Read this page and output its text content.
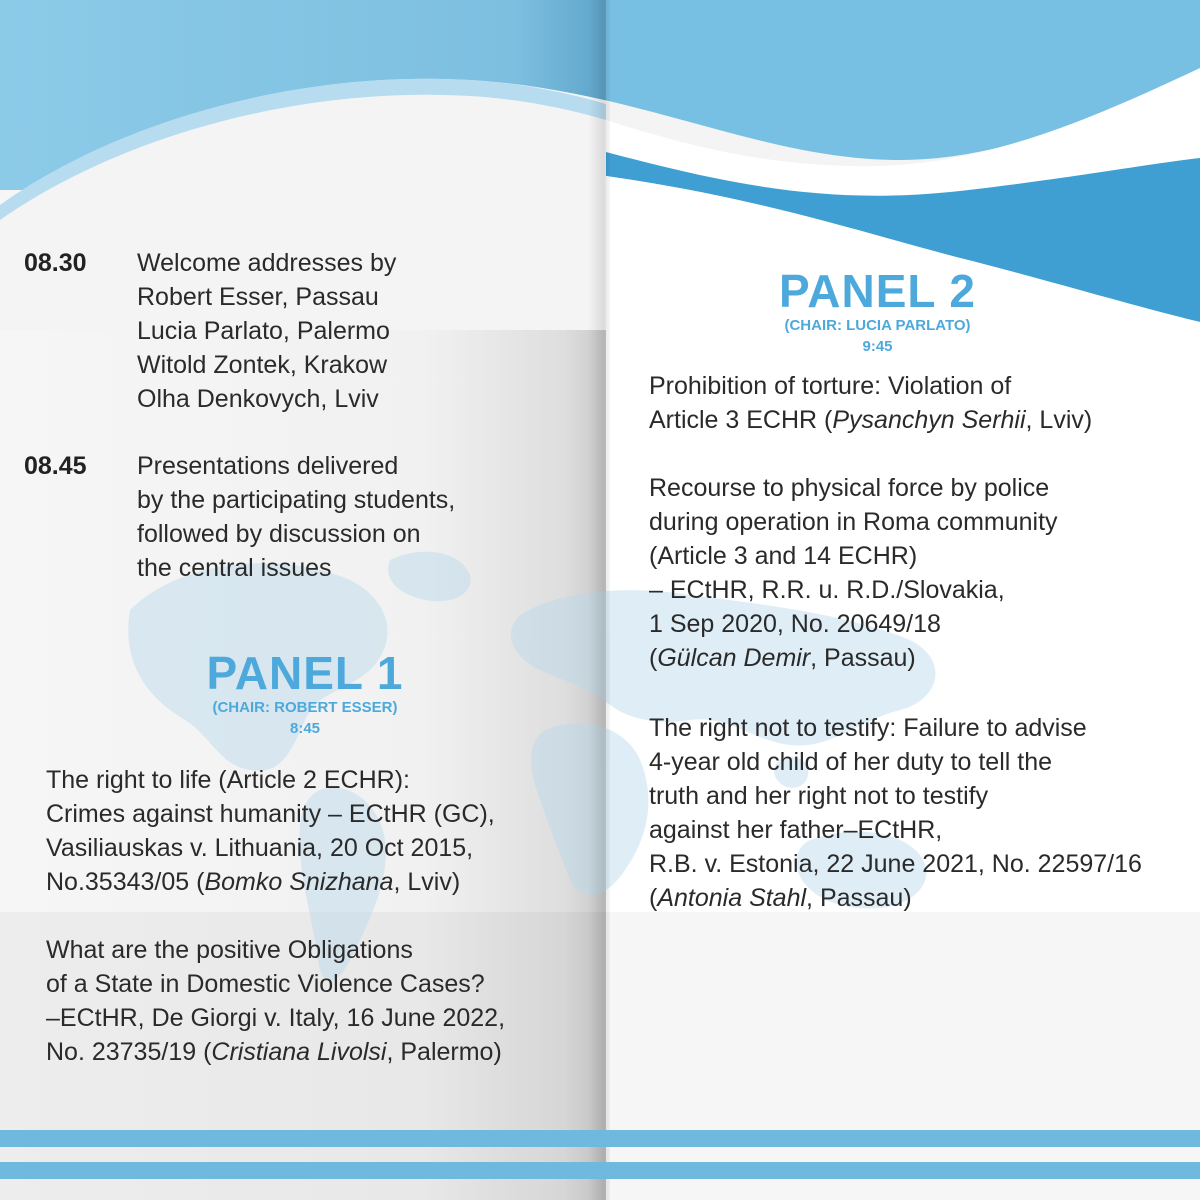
08.30	Welcome addresses by
Robert Esser, Passau
Lucia Parlato, Palermo
Witold Zontek, Krakow
Olha Denkovych, Lviv
08.45	Presentations delivered
by the participating students,
followed by discussion on
the central issues
PANEL 1
(CHAIR: ROBERT ESSER)
8:45
The right to life (Article 2 ECHR):
Crimes against humanity – ECtHR (GC),
Vasiliauskas v. Lithuania, 20 Oct 2015,
No.35343/05 (Bomko Snizhana, Lviv)
What are the positive Obligations
of a State in Domestic Violence Cases?
–ECtHR, De Giorgi v. Italy, 16 June 2022,
No. 23735/19 (Cristiana Livolsi, Palermo)
PANEL 2
(CHAIR: LUCIA PARLATO)
9:45
Prohibition of torture: Violation of
Article 3 ECHR (Pysanchyn Serhii, Lviv)
Recourse to physical force by police
during operation in Roma community
(Article 3 and 14 ECHR)
– ECtHR, R.R. u. R.D./Slovakia,
1 Sep 2020, No. 20649/18
(Gülcan Demir, Passau)
The right not to testify: Failure to advise
4-year old child of her duty to tell the
truth and her right not to testify
against her father–ECtHR,
R.B. v. Estonia, 22 June 2021, No. 22597/16
(Antonia Stahl, Passau)
